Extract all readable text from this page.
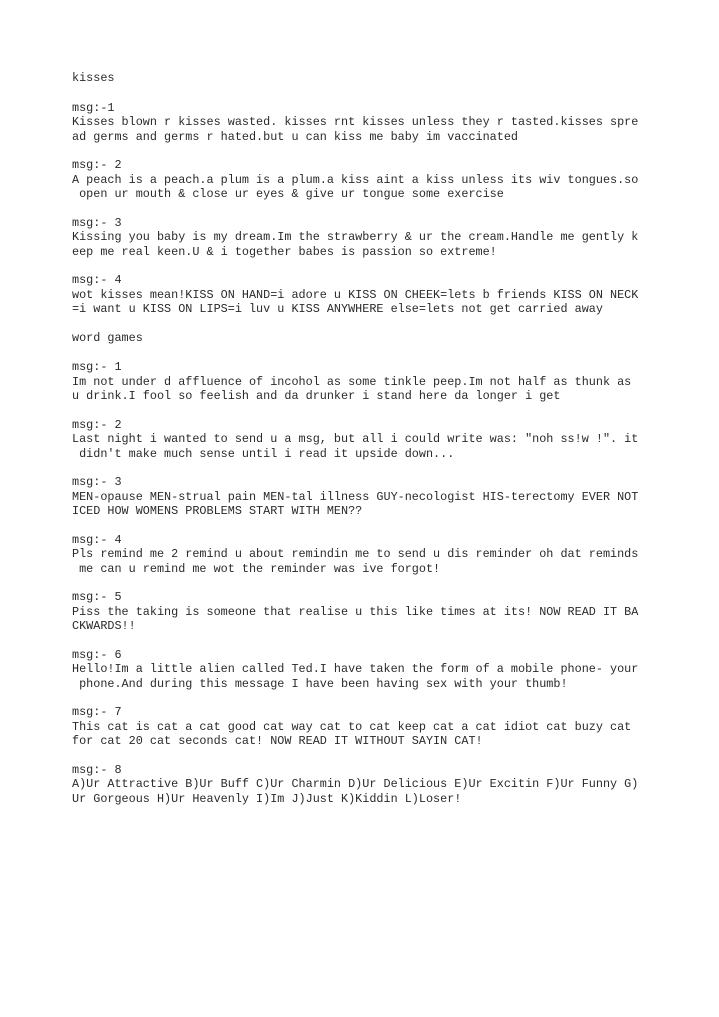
kisses
msg:-1
Kisses blown r kisses wasted. kisses rnt kisses unless they r tasted.kisses spre
ad germs and germs r hated.but u can kiss me baby im vaccinated
msg:- 2
A peach is a peach.a plum is a plum.a kiss aint a kiss unless its wiv tongues.so
open ur mouth & close ur eyes & give ur tongue some exercise
msg:- 3
Kissing you baby is my dream.Im the strawberry & ur the cream.Handle me gently k
eep me real keen.U & i together babes is passion so extreme!
msg:- 4
wot kisses mean!KISS ON HAND=i adore u KISS ON CHEEK=lets b friends KISS ON NECK
=i want u KISS ON LIPS=i luv u KISS ANYWHERE else=lets not get carried away
word games
msg:- 1
Im not under d affluence of incohol as some tinkle peep.Im not half as thunk as
u drink.I fool so feelish and da drunker i stand here da longer i get
msg:- 2
Last night i wanted to send u a msg, but all i could write was: "noh ss!w !". it
didn't make much sense until i read it upside down...
msg:- 3
MEN-opause MEN-strual pain MEN-tal illness GUY-necologist HIS-terectomy EVER NOT
ICED HOW WOMENS PROBLEMS START WITH MEN??
msg:- 4
Pls remind me 2 remind u about remindin me to send u dis reminder oh dat reminds
me can u remind me wot the reminder was ive forgot!
msg:- 5
Piss the taking is someone that realise u this like times at its! NOW READ IT BA
CKWARDS!!
msg:- 6
Hello!Im a little alien called Ted.I have taken the form of a mobile phone- your
phone.And during this message I have been having sex with your thumb!
msg:- 7
This cat is cat a cat good cat way cat to cat keep cat a cat idiot cat buzy cat
for cat 20 cat seconds cat! NOW READ IT WITHOUT SAYIN CAT!
msg:- 8
A)Ur Attractive B)Ur Buff C)Ur Charmin D)Ur Delicious E)Ur Excitin F)Ur Funny G)
Ur Gorgeous H)Ur Heavenly I)Im J)Just K)Kiddin L)Loser!
